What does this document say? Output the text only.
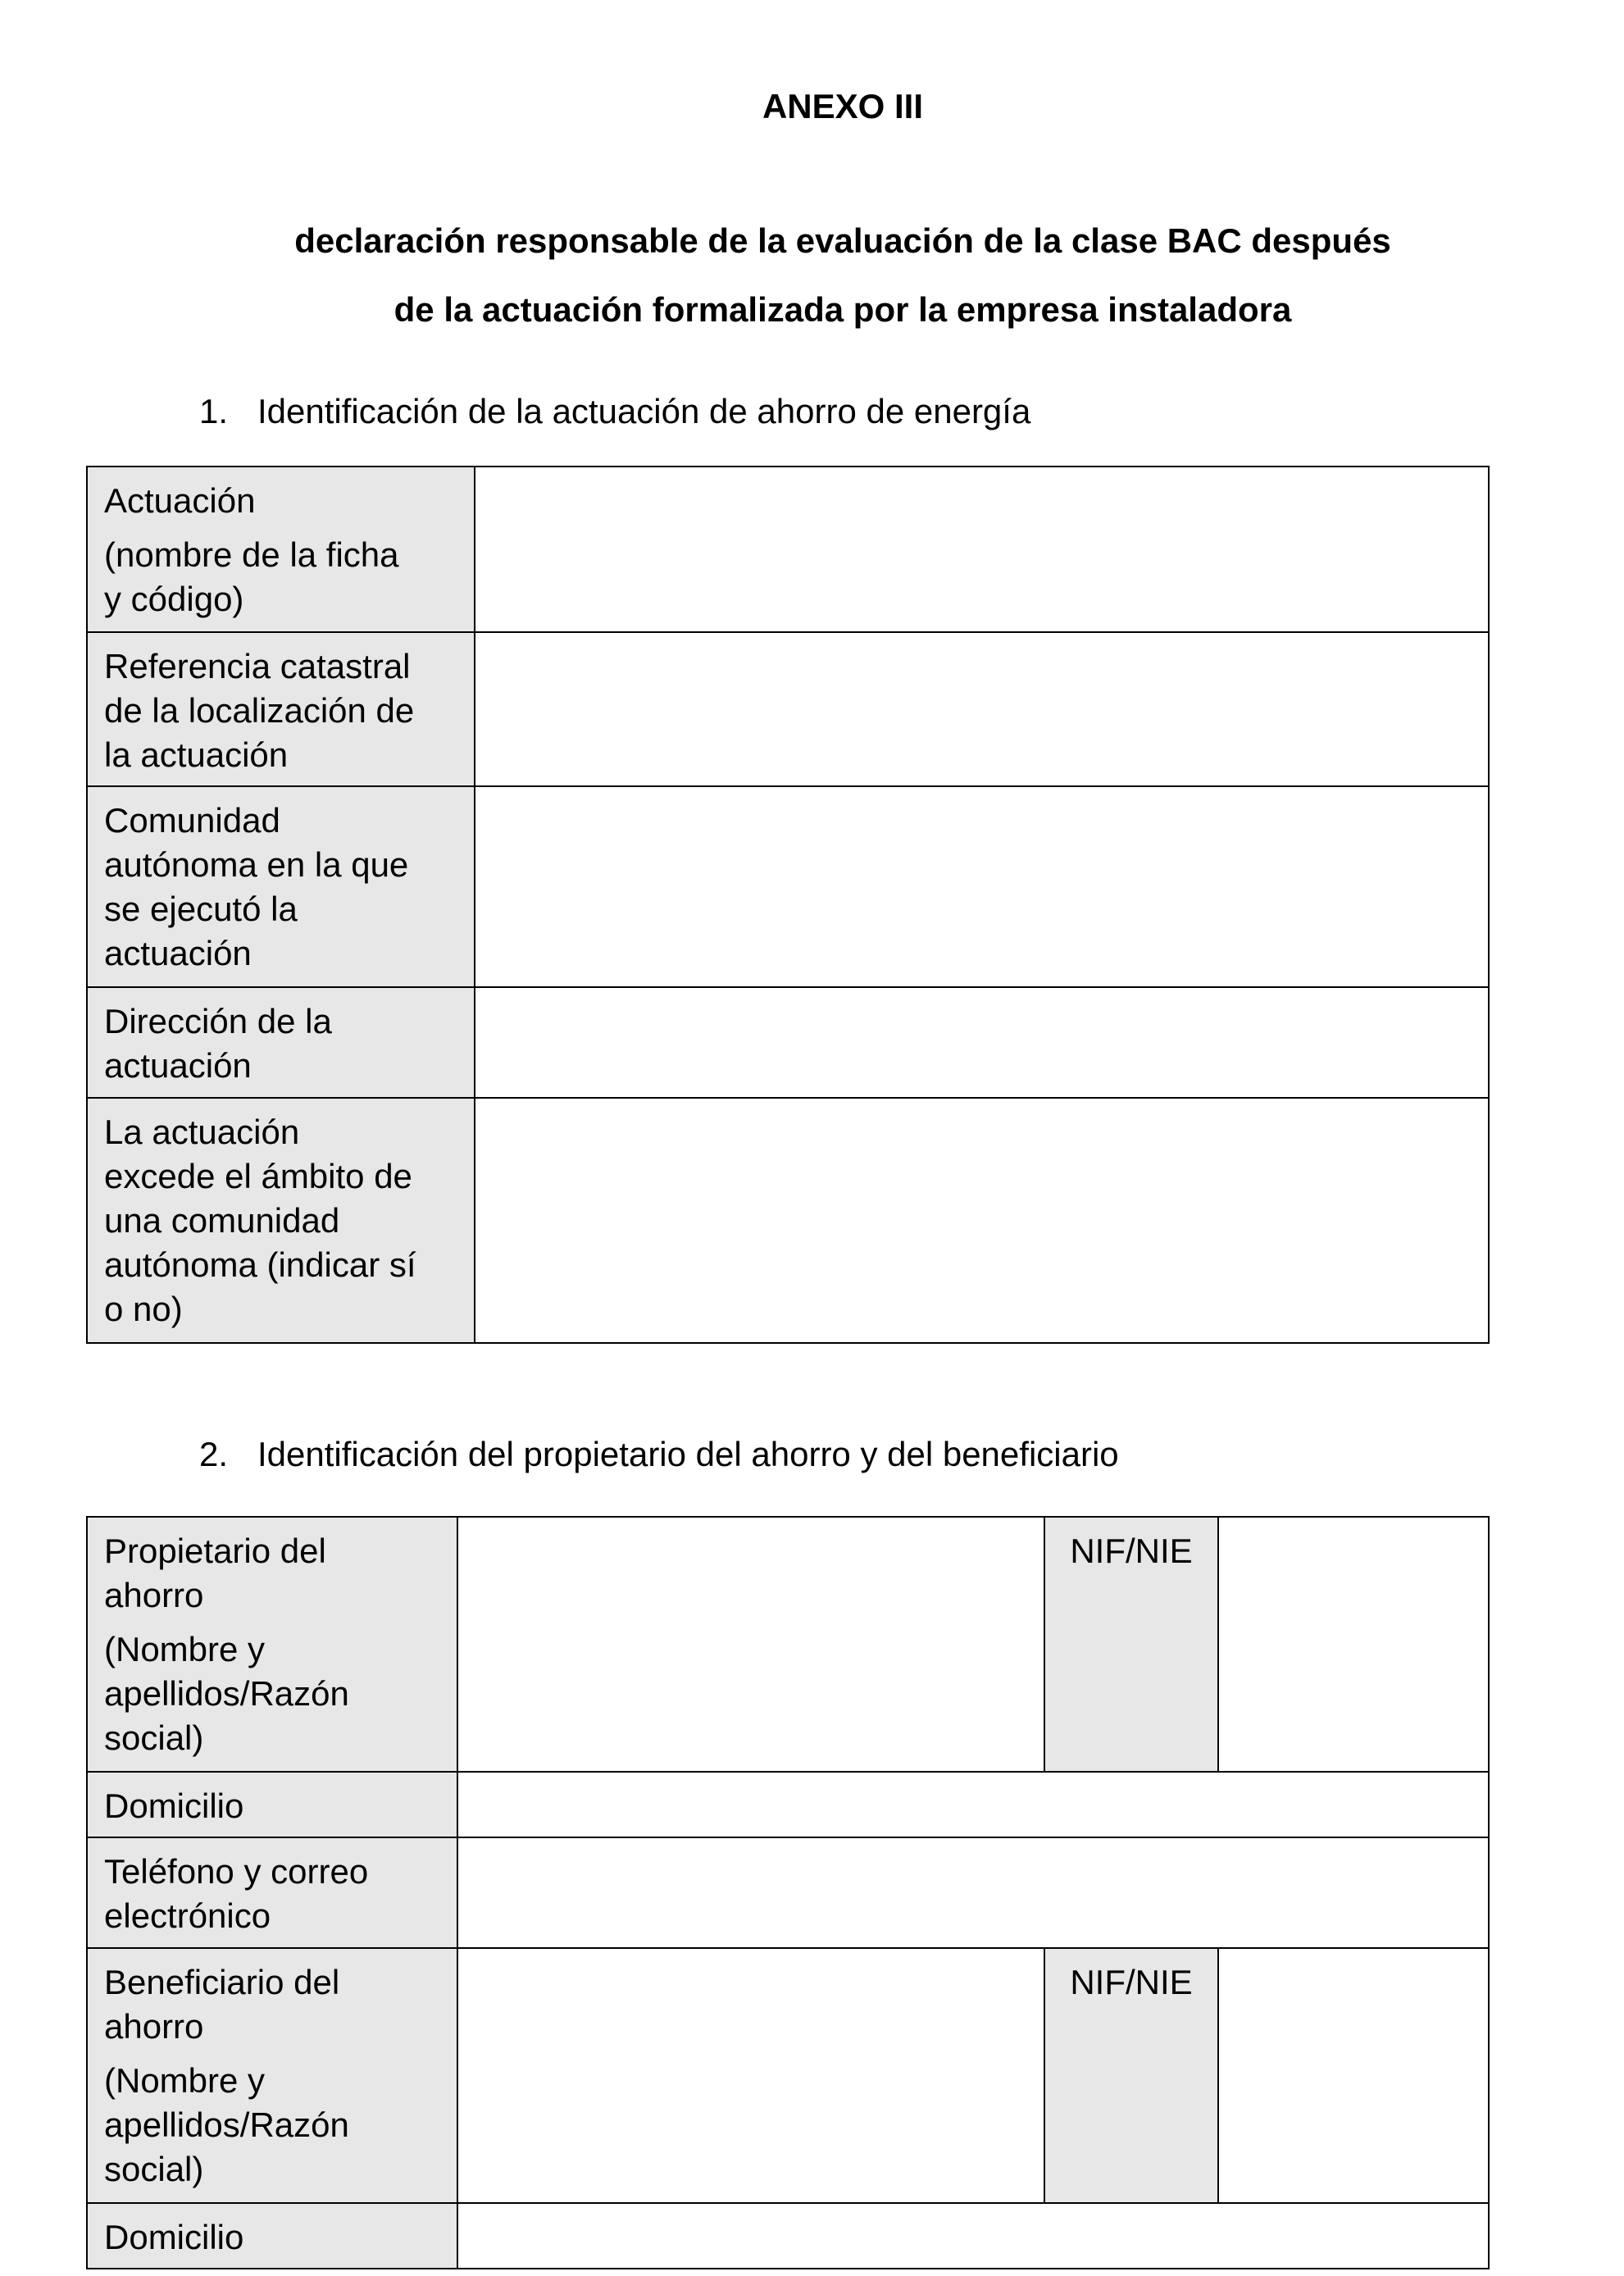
ANEXO III
declaración responsable de la evaluación de la clase BAC después
de la actuación formalizada por la empresa instaladora
1. Identificación de la actuación de ahorro de energía
Actuación
(nombre de la ficha
y código)	

Referencia catastral
de la localización de
la actuación	

Comunidad
autónoma en la que
se ejecutó la
actuación	

Dirección de la
actuación	

La actuación
excede el ámbito de
una comunidad
autónoma (indicar sí
o no)	

2. Identificación del propietario del ahorro y del beneficiario
Propietario del
ahorro
(Nombre y
apellidos/Razón
social)		NIF/NIE	
Domicilio			

Teléfono y correo
electrónico			

Beneficiario del
ahorro
(Nombre y
apellidos/Razón
social)		NIF/NIE	
Domicilio			
